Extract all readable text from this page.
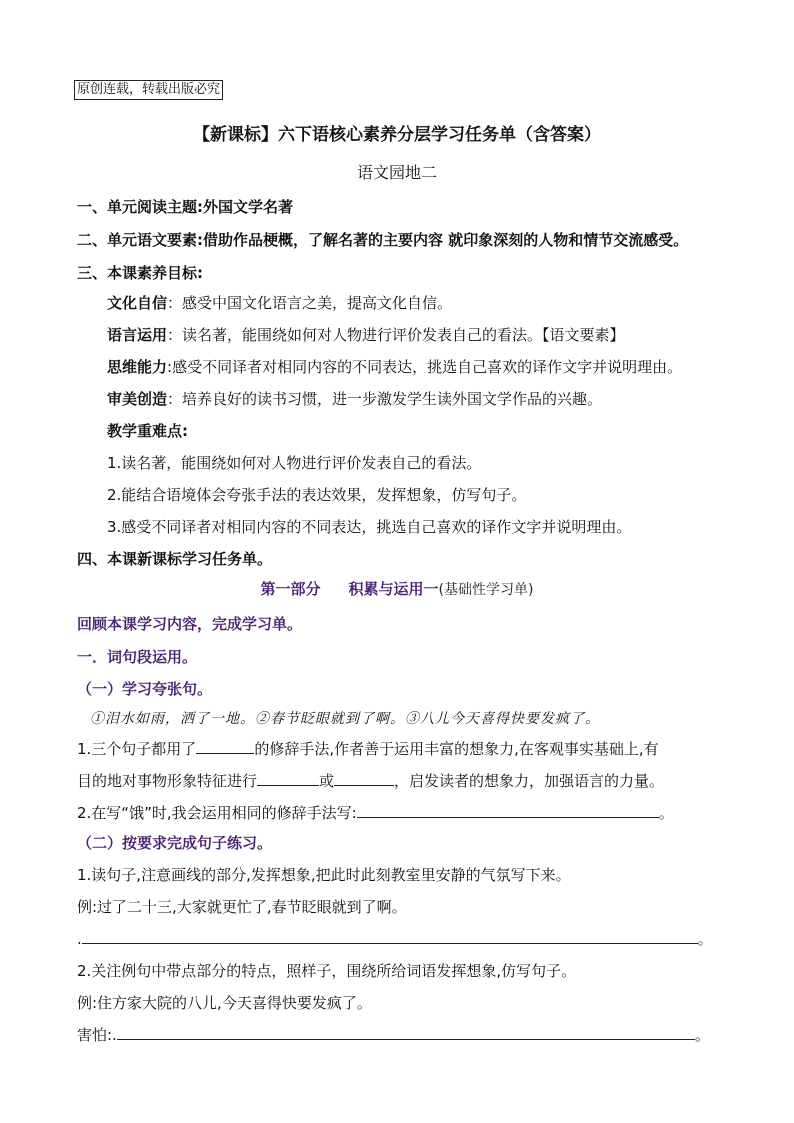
原创连载，转载出版必究
【新课标】六下语核心素养分层学习任务单（含答案）
语文园地二
一、单元阅读主题:外国文学名著
二、单元语文要素:借助作品梗概，了解名著的主要内容 就印象深刻的人物和情节交流感受。
三、本课素养目标:
文化自信：感受中国文化语言之美，提高文化自信。
语言运用：读名著，能围绕如何对人物进行评价发表自己的看法。【语文要素】
思维能力:感受不同译者对相同内容的不同表达，挑选自己喜欢的译作文字并说明理由。
审美创造：培养良好的读书习惯，进一步激发学生读外国文学作品的兴趣。
教学重难点:
1.读名著，能围绕如何对人物进行评价发表自己的看法。
2.能结合语境体会夸张手法的表达效果，发挥想象，仿写句子。
3.感受不同译者对相同内容的不同表达，挑选自己喜欢的译作文字并说明理由。
四、本课新课标学习任务单。
第一部分 积累与运用一(基础性学习单)
回顾本课学习内容，完成学习单。
一．词句段运用。
（一）学习夸张句。
①泪水如雨，洒了一地。②春节眨眼就到了啊。③八儿今天喜得快要发疯了。
1.三个句子都用了	的修辞手法,作者善于运用丰富的想象力,在客观事实基础上,有
目的地对事物形象特征进行	或	，启发读者的想象力，加强语言的力量。
2.在写“饿”时,我会运用相同的修辞手法写:	。
（二）按要求完成句子练习。
1.读句子,注意画线的部分,发挥想象,把此时此刻教室里安静的气氛写下来。
例:过了二十三,大家就更忙了,春节眨眼就到了啊。
.	。
2.关注例句中带点部分的特点，照样子，围绕所给词语发挥想象,仿写句子。
例:住方家大院的八儿,今天喜得快要发疯了。
害怕:.	。
